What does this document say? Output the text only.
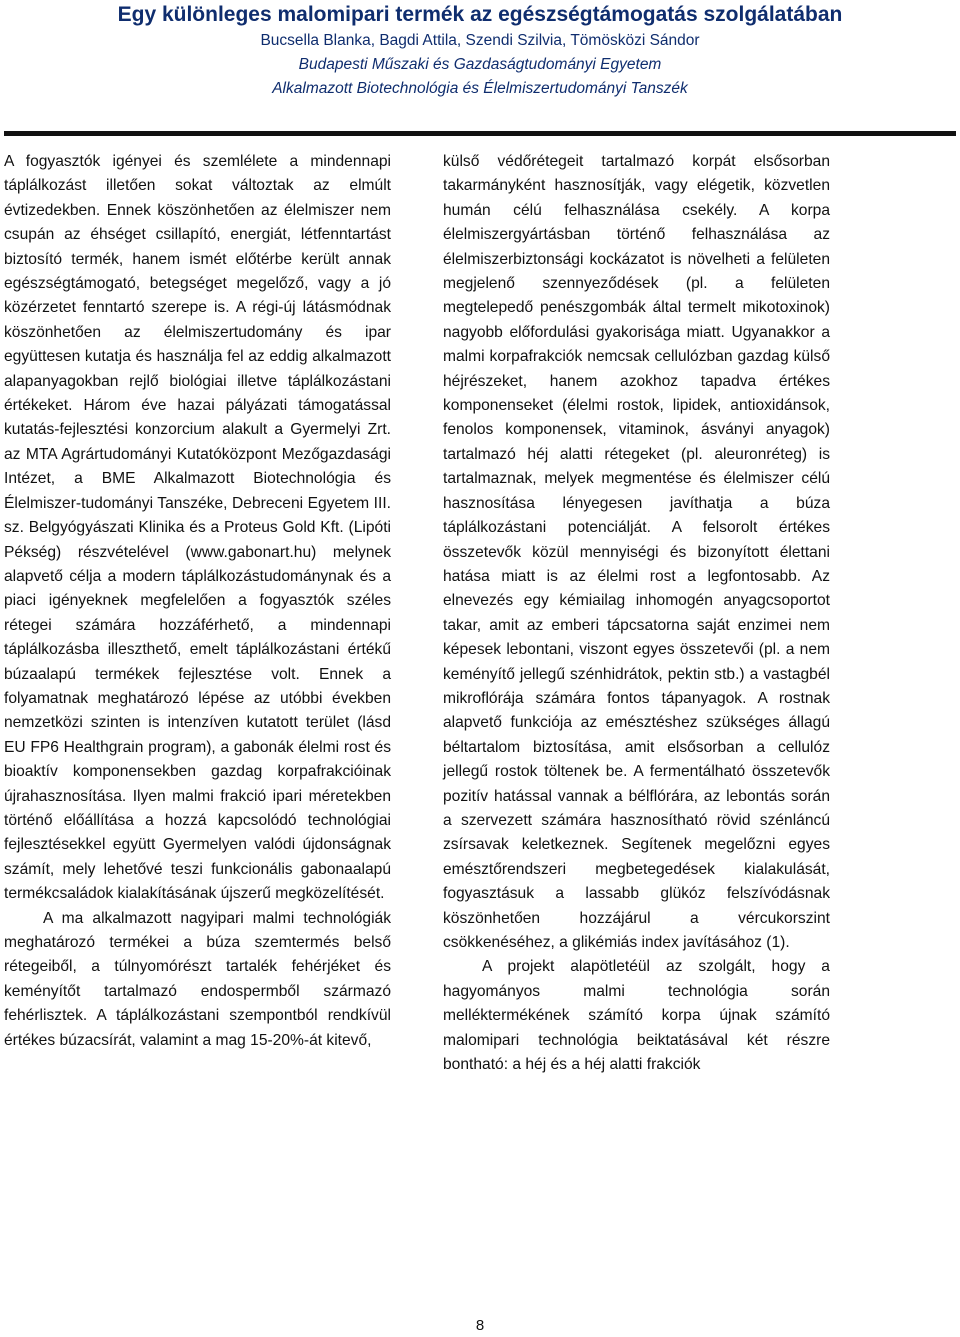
Egy különleges malomipari termék az egészségtámogatás szolgálatában
Bucsella Blanka, Bagdi Attila, Szendi Szilvia, Tömösközi Sándor
Budapesti Műszaki és Gazdaságtudományi Egyetem
Alkalmazott Biotechnológia és Élelmiszertudományi Tanszék

A fogyasztók igényei és szemlélete a mindennapi táplálkozást illetően sokat változtak az elmúlt évtizedekben. Ennek köszönhetően az élelmiszer nem csupán az éhséget csillapító, energiát, létfenntartást biztosító termék, hanem ismét előtérbe került annak egészségtámogató, betegséget megelőző, vagy a jó közérzetet fenntartó szerepe is. A régi-új látásmódnak köszönhetően az élelmiszertudomány és ipar együttesen kutatja és használja fel az eddig alkalmazott alapanyagokban rejlő biológiai illetve táplálkozástani értékeket. Három éve hazai pályázati támogatással kutatás-fejlesztési konzorcium alakult a Gyermelyi Zrt. az MTA Agrártudományi Kutatóközpont Mezőgazdasági Intézet, a BME Alkalmazott Biotechnológia és Élelmiszer-tudományi Tanszéke, Debreceni Egyetem III. sz. Belgyógyászati Klinika és a Proteus Gold Kft. (Lipóti Pékség) részvételével (www.gabonart.hu) melynek alapvető célja a modern táplálkozástudománynak és a piaci igényeknek megfelelően a fogyasztók széles rétegei számára hozzáférhető, a mindennapi táplálkozásba illeszthető, emelt táplálkozástani értékű búzaalapú termékek fejlesztése volt. Ennek a folyamatnak meghatározó lépése az utóbbi években nemzetközi szinten is intenzíven kutatott terület (lásd EU FP6 Healthgrain program), a gabonák élelmi rost és bioaktív komponensekben gazdag korpafrakcióinak újrahasznosítása. Ilyen malmi frakció ipari méretekben történő előállítása a hozzá kapcsolódó technológiai fejlesztésekkel együtt Gyermelyen valódi újdonságnak számít, mely lehetővé teszi funkcionális gabonaalapú termékcsaládok kialakításának újszerű megközelítését.

A ma alkalmazott nagyipari malmi technológiák meghatározó termékei a búza szemtermés belső rétegeiből, a túlnyomórészt tartalék fehérjéket és keményítőt tartalmazó endospermből származó fehérlisztek. A táplálkozástani szempontból rendkívül értékes búzacsírát, valamint a mag 15-20%-át kitevő,

külső védőrétegeit tartalmazó korpát elsősorban takarmányként hasznosítják, vagy elégetik, közvetlen humán célú felhasználása csekély. A korpa élelmiszergyártásban történő felhasználása az élelmiszerbiztonsági kockázatot is növelheti a felületen megjelenő szennyeződések (pl. a felületen megtelepedő penészgombák által termelt mikotoxinok) nagyobb előfordulási gyakorisága miatt. Ugyanakkor a malmi korpafrakciók nemcsak cellulózban gazdag külső héjrészeket, hanem azokhoz tapadva értékes komponenseket (élelmi rostok, lipidek, antioxidánsok, fenolos komponensek, vitaminok, ásványi anyagok) tartalmazó héj alatti rétegeket (pl. aleuronréteg) is tartalmaznak, melyek megmentése és élelmiszer célú hasznosítása lényegesen javíthatja a búza táplálkozástani potenciálját. A felsorolt értékes összetevők közül mennyiségi és bizonyított élettani hatása miatt is az élelmi rost a legfontosabb. Az elnevezés egy kémiailag inhomogén anyagcsoportot takar, amit az emberi tápcsatorna saját enzimei nem képesek lebontani, viszont egyes összetevői (pl. a nem keményítő jellegű szénhidrátok, pektin stb.) a vastagbél mikroflórája számára fontos tápanyagok. A rostnak alapvető funkciója az emésztéshez szükséges állagú béltartalom biztosítása, amit elsősorban a cellulóz jellegű rostok töltenek be. A fermentálható összetevők pozitív hatással vannak a bélflórára, az lebontás során a szervezett számára hasznosítható rövid szénláncú zsírsavak keletkeznek. Segítenek megelőzni egyes emésztőrendszeri megbetegedések kialakulását, fogyasztásuk a lassabb glükóz felszívódásnak köszönhetően hozzájárul a vércukorszint csökkenéséhez, a glikémiás index javításához (1).

A projekt alapötletéül az szolgált, hogy a hagyományos malmi technológia során melléktermékének számító korpa újnak számító malomipari technológia beiktatásával két részre bontható: a héj és a héj alatti frakciók

8
